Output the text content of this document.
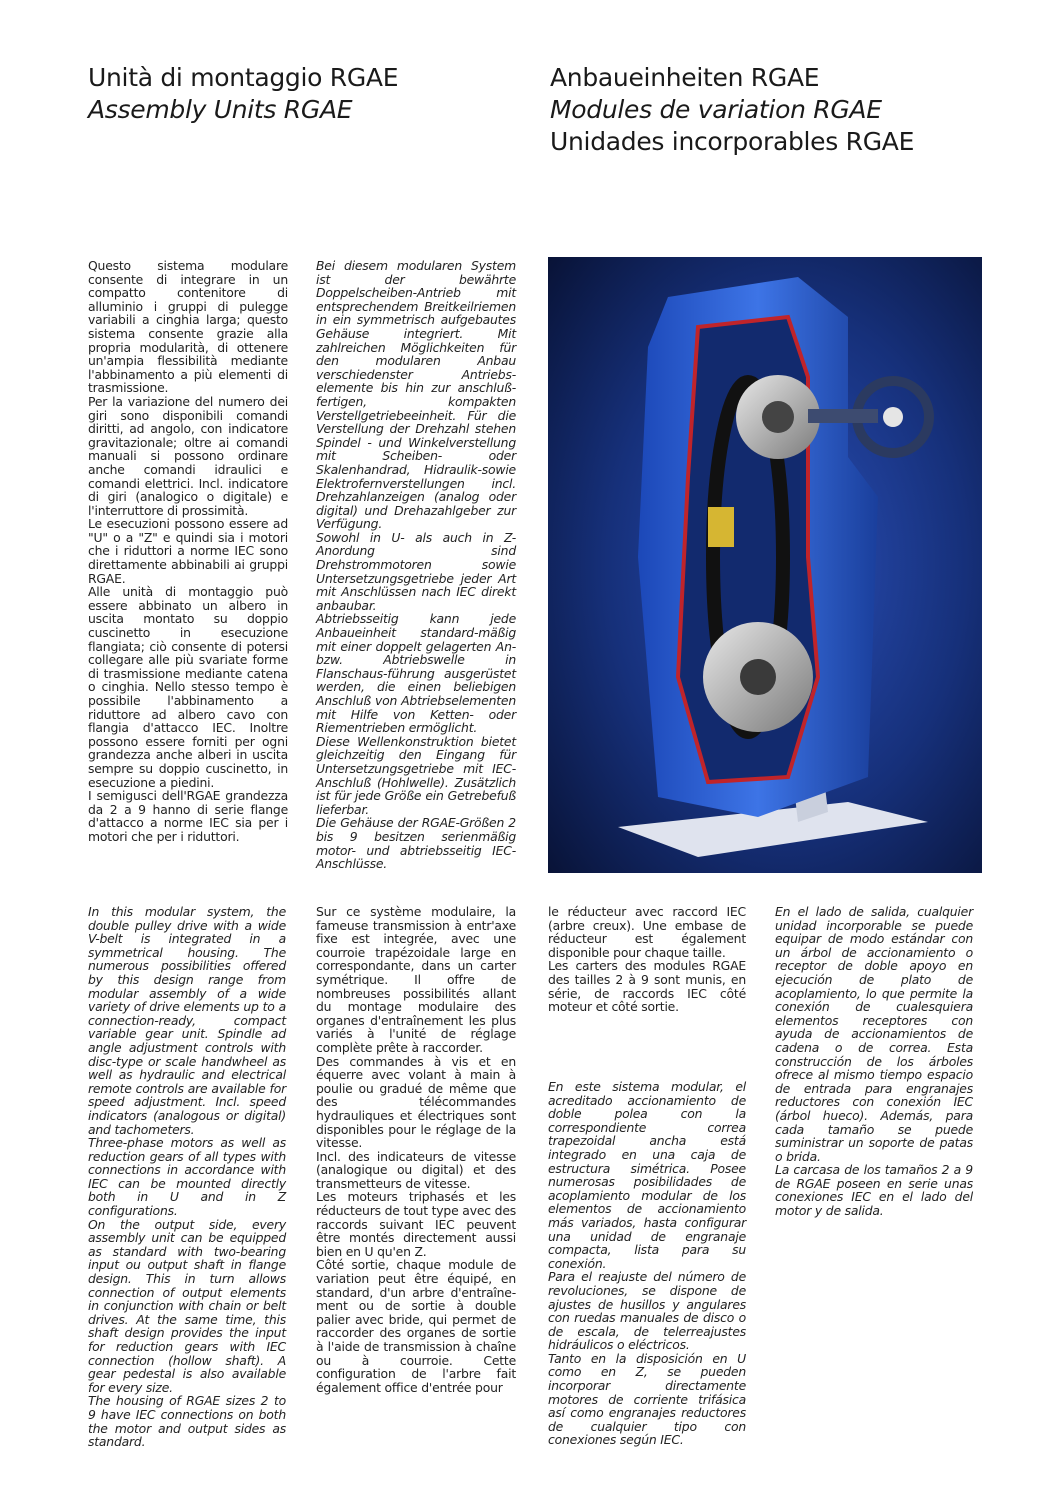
Unità di montaggio RGAE
Assembly Units RGAE
Anbaueinheiten RGAE
Modules de variation RGAE
Unidades incorporables RGAE

Questo sistema modulare consente di integrare in un compatto contenitore di alluminio i gruppi di pulegge variabili a cinghia larga; questo sistema consente grazie alla propria modularità, di ottenere un'ampia flessibilità mediante l'abbinamento a più elementi di trasmissione.
Per la variazione del numero dei giri sono disponibili comandi diritti, ad angolo, con indicatore gravitazionale; oltre ai comandi manuali si possono ordinare anche comandi idraulici e comandi elettrici. Incl. indicatore di giri (analogico o digitale) e l'interruttore di prossimità.
Le esecuzioni possono essere ad "U" o a "Z" e quindi sia i motori che i riduttori a norme IEC sono direttamente abbinabili ai gruppi RGAE.
Alle unità di montaggio può essere abbinato un albero in uscita montato su doppio cuscinetto in esecuzione flangiata; ciò consente di potersi collegare alle più svariate forme di trasmissione mediante catena o cinghia. Nello stesso tempo è possibile l'abbinamento a riduttore ad albero cavo con flangia d'attacco IEC. Inoltre possono essere forniti per ogni grandezza anche alberi in uscita sempre su doppio cuscinetto, in esecuzione a piedini.
I semigusci dell'RGAE grandezza da 2 a 9 hanno di serie flange d'attacco a norme IEC sia per i motori che per i riduttori.

Bei diesem modularen System ist der bewährte Doppelscheiben-Antrieb mit entsprechendem Breitkeilriemen in ein symmetrisch aufgebautes Gehäuse integriert. Mit zahlreichen Möglichkeiten für den modularen Anbau verschiedenster Antriebs-elemente bis hin zur anschluß-fertigen, kompakten Verstellgetriebeeinheit. Für die Verstellung der Drehzahl stehen Spindel - und Winkelverstellung mit Scheiben- oder Skalenhandrad, Hidraulik-sowie Elektrofernverstellungen incl. Drehzahlanzeigen (analog oder digital) und Drehazahlgeber zur Verfügung.
Sowohl in U- als auch in Z-Anordung sind Drehstrommotoren sowie Untersetzungsgetriebe jeder Art mit Anschlüssen nach IEC direkt anbaubar.
Abtriebsseitig kann jede Anbaueinheit standard-mäßig mit einer doppelt gelagerten An- bzw. Abtriebswelle in Flanschaus-führung ausgerüstet werden, die einen beliebigen Anschluß von Abtriebselementen mit Hilfe von Ketten- oder Riementrieben ermöglicht.
Diese Wellenkonstruktion bietet gleichzeitig den Eingang für Untersetzungsgetriebe mit IEC-Anschluß (Hohlwelle). Zusätzlich ist für jede Größe ein Getrebefuß lieferbar.
Die Gehäuse der RGAE-Größen 2 bis 9 besitzen serienmäßig motor- und abtriebsseitig IEC- Anschlüsse.

In this modular system, the double pulley drive with a wide V-belt is integrated in a symmetrical housing. The numerous possibilities offered by this design range from modular assembly of a wide variety of drive elements up to a connection-ready, compact variable gear unit. Spindle ad angle adjustment controls with disc-type or scale handwheel as well as hydraulic and electrical remote controls are available for speed adjustment. Incl. speed indicators (analogous or digital) and tachometers.
Three-phase motors as well as reduction gears of all types with connections in accordance with IEC can be mounted directly both in U and in Z configurations.
On the output side, every assembly unit can be equipped as standard with two-bearing input ou output shaft in flange design. This in turn allows connection of output elements in conjunction with chain or belt drives. At the same time, this shaft design provides the input for reduction gears with IEC connection (hollow shaft). A gear pedestal is also available for every size.
The housing of RGAE sizes 2 to 9 have IEC connections on both the motor and output sides as standard.

Sur ce système modulaire, la fameuse transmission à entr'axe fixe est integrée, avec une courroie trapézoidale large en correspondante, dans un carter symétrique. Il offre de nombreuses possibilités allant du montage modulaire des organes d'entraînement les plus variés à l'unité de réglage complète prête à raccorder.
Des commandes à vis et en équerre avec volant à main à poulie ou gradué de même que des télécommandes hydrauliques et électriques sont disponibles pour le réglage de la vitesse.
Incl. des indicateurs de vitesse (analogique ou digital) et des transmetteurs de vitesse.
Les moteurs triphasés et les réducteurs de tout type avec des raccords suivant IEC peuvent être montés directement aussi bien en U qu'en Z.
Côté sortie, chaque module de variation peut être équipé, en standard, d'un arbre d'entraîne-ment ou de sortie à double palier avec bride, qui permet de raccorder des organes de sortie à l'aide de transmission à chaîne ou à courroie. Cette configuration de l'arbre fait également office d'entrée pour

le réducteur avec raccord IEC (arbre creux). Une embase de réducteur est également disponible pour chaque taille.
Les carters des modules RGAE des tailles 2 à 9 sont munis, en série, de raccords IEC côté moteur et côté sortie.

En este sistema modular, el acreditado accionamiento de doble polea con la correspondiente correa trapezoidal ancha está integrado en una caja de estructura simétrica. Posee numerosas posibilidades de acoplamiento modular de los elementos de accionamiento más variados, hasta configurar una unidad de engranaje compacta, lista para su conexión.
Para el reajuste del número de revoluciones, se dispone de ajustes de husillos y angulares con ruedas manuales de disco o de escala, de telerreajustes hidráulicos o eléctricos.
Tanto en la disposición en U como en Z, se pueden incorporar directamente motores de corriente trifásica así como engranajes reductores de cualquier tipo con conexiones según IEC.

En el lado de salida, cualquier unidad incorporable se puede equipar de modo estándar con un árbol de accionamiento o receptor de doble apoyo en ejecución de plato de acoplamiento, lo que permite la conexión de cualesquiera elementos receptores con ayuda de accionamientos de cadena o de correa. Esta construcción de los árboles ofrece al mismo tiempo espacio de entrada para engranajes reductores con conexión IEC (árbol hueco). Además, para cada tamaño se puede suministrar un soporte de patas o brida.
La carcasa de los tamaños 2 a 9 de RGAE poseen en serie unas conexiones IEC en el lado del motor y de salida.
